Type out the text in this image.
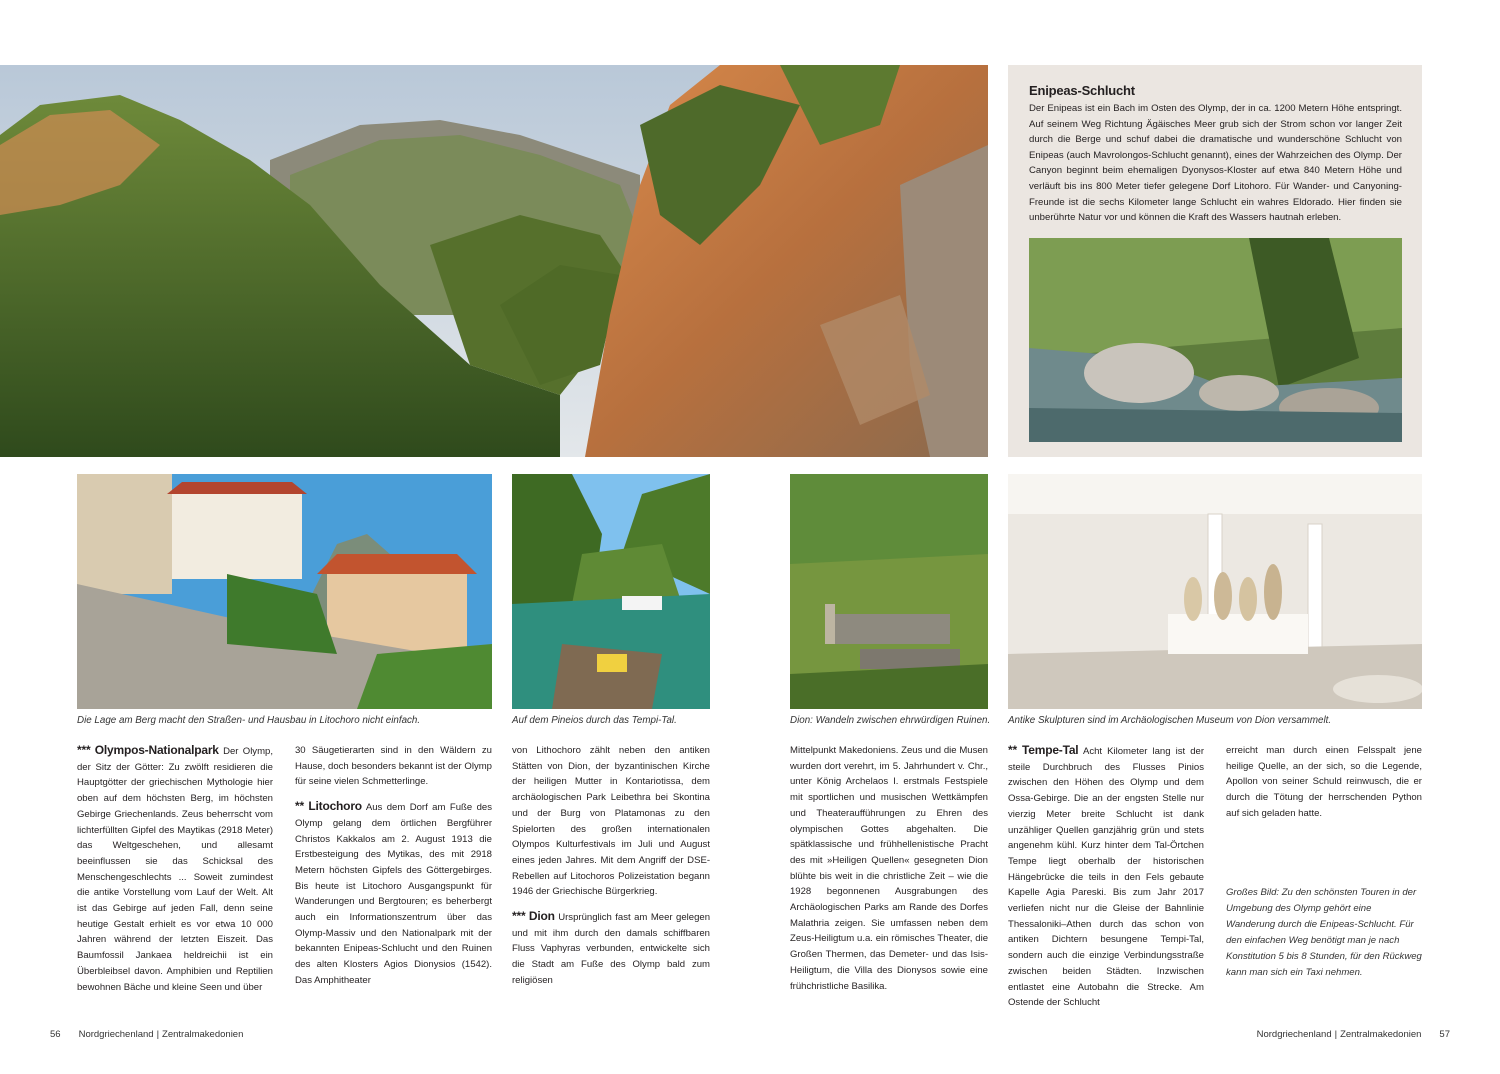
Enipeas-Schlucht
Der Enipeas ist ein Bach im Osten des Olymp, der in ca. 1200 Metern Höhe entspringt. Auf seinem Weg Richtung Ägäisches Meer grub sich der Strom schon vor langer Zeit durch die Berge und schuf dabei die dramatische und wunderschöne Schlucht von Enipeas (auch Mavrolongos-Schlucht genannt), eines der Wahrzeichen des Olymp. Der Canyon beginnt beim ehemaligen Dyonysos-Kloster auf etwa 840 Metern Höhe und verläuft bis ins 800 Meter tiefer gelegene Dorf Litohoro. Für Wander- und Canyoning-Freunde ist die sechs Kilometer lange Schlucht ein wahres Eldorado. Hier finden sie unberührte Natur vor und können die Kraft des Wassers hautnah erleben.
Die Lage am Berg macht den Straßen- und Hausbau in Litochoro nicht einfach.	Auf dem Pineios durch das Tempi-Tal.	Dion: Wandeln zwischen ehrwürdigen Ruinen. Antike Skulpturen sind im Archäologischen Museum von Dion versammelt.

*** Olympos-Nationalpark Der Olymp, der Sitz der Götter: Zu zwölft residieren die Hauptgötter der griechischen Mythologie hier oben auf dem höchsten Berg, im höchsten Gebirge Griechenlands. Zeus beherrscht vom lichterfüllten Gipfel des Maytikas (2918 Meter) das Weltgeschehen, und allesamt beeinflussen sie das Schicksal des Menschengeschlechts ... Soweit zumindest die antike Vorstellung vom Lauf der Welt. Alt ist das Gebirge auf jeden Fall, denn seine heutige Gestalt erhielt es vor etwa 10 000 Jahren während der letzten Eiszeit. Das Baumfossil Jankaea heldreichii ist ein Überbleibsel davon. Amphibien und Reptilien bewohnen Bäche und kleine Seen und über

30 Säugetierarten sind in den Wäldern zu Hause, doch besonders bekannt ist der Olymp für seine vielen Schmetterlinge.

** Litochoro Aus dem Dorf am Fuße des Olymp gelang dem örtlichen Bergführer Christos Kakkalos am 2. August 1913 die Erstbesteigung des Mytikas, des mit 2918 Metern höchsten Gipfels des Göttergebirges. Bis heute ist Litochoro Ausgangspunkt für Wanderungen und Bergtouren; es beherbergt auch ein Informationszentrum über das Olymp-Massiv und den Nationalpark mit der bekannten Enipeas-Schlucht und den Ruinen des alten Klosters Agios Dionysios (1542). Das Amphitheater

von Lithochoro zählt neben den antiken Stätten von Dion, der byzantinischen Kirche der heiligen Mutter in Kontariotissa, dem archäologischen Park Leibethra bei Skontina und der Burg von Platamonas zu den Spielorten des großen internationalen Olympos Kulturfestivals im Juli und August eines jeden Jahres. Mit dem Angriff der DSE-Rebellen auf Litochoros Polizeistation begann 1946 der Griechische Bürgerkrieg.

*** Dion Ursprünglich fast am Meer gelegen und mit ihm durch den damals schiffbaren Fluss Vaphyras verbunden, entwickelte sich die Stadt am Fuße des Olymp bald zum religiösen

Mittelpunkt Makedoniens. Zeus und die Musen wurden dort verehrt, im 5. Jahrhundert v. Chr., unter König Archelaos I. erstmals Festspiele mit sportlichen und musischen Wettkämpfen und Theateraufführungen zu Ehren des olympischen Gottes abgehalten. Die spätklassische und frühhellenistische Pracht des mit »Heiligen Quellen« gesegneten Dion blühte bis weit in die christliche Zeit – wie die 1928 begonnenen Ausgrabungen des Archäologischen Parks am Rande des Dorfes Malathria zeigen. Sie umfassen neben dem Zeus-Heiligtum u.a. ein römisches Theater, die Großen Thermen, das Demeter- und das Isis-Heiligtum, die Villa des Dionysos sowie eine frühchristliche Basilika.

** Tempe-Tal Acht Kilometer lang ist der steile Durchbruch des Flusses Pinios zwischen den Höhen des Olymp und dem Ossa-Gebirge. Die an der engsten Stelle nur vierzig Meter breite Schlucht ist dank unzähliger Quellen ganzjährig grün und stets angenehm kühl. Kurz hinter dem Tal-Örtchen Tempe liegt oberhalb der historischen Hängebrücke die teils in den Fels gebaute Kapelle Agia Pareski. Bis zum Jahr 2017 verliefen nicht nur die Gleise der Bahnlinie Thessaloniki–Athen durch das schon von antiken Dichtern besungene Tempi-Tal, sondern auch die einzige Verbindungsstraße zwischen beiden Städten. Inzwischen entlastet eine Autobahn die Strecke. Am Ostende der Schlucht

erreicht man durch einen Felsspalt jene heilige Quelle, an der sich, so die Legende, Apollon von seiner Schuld reinwusch, die er durch die Tötung der herrschenden Python auf sich geladen hatte.

Großes Bild: Zu den schönsten Touren in der Umgebung des Olymp gehört eine Wanderung durch die Enipeas-Schlucht. Für den einfachen Weg benötigt man je nach Konstitution 5 bis 8 Stunden, für den Rückweg kann man sich ein Taxi nehmen.
56 Nordgriechenland | Zentralmakedonien	Nordgriechenland | Zentralmakedonien 57
